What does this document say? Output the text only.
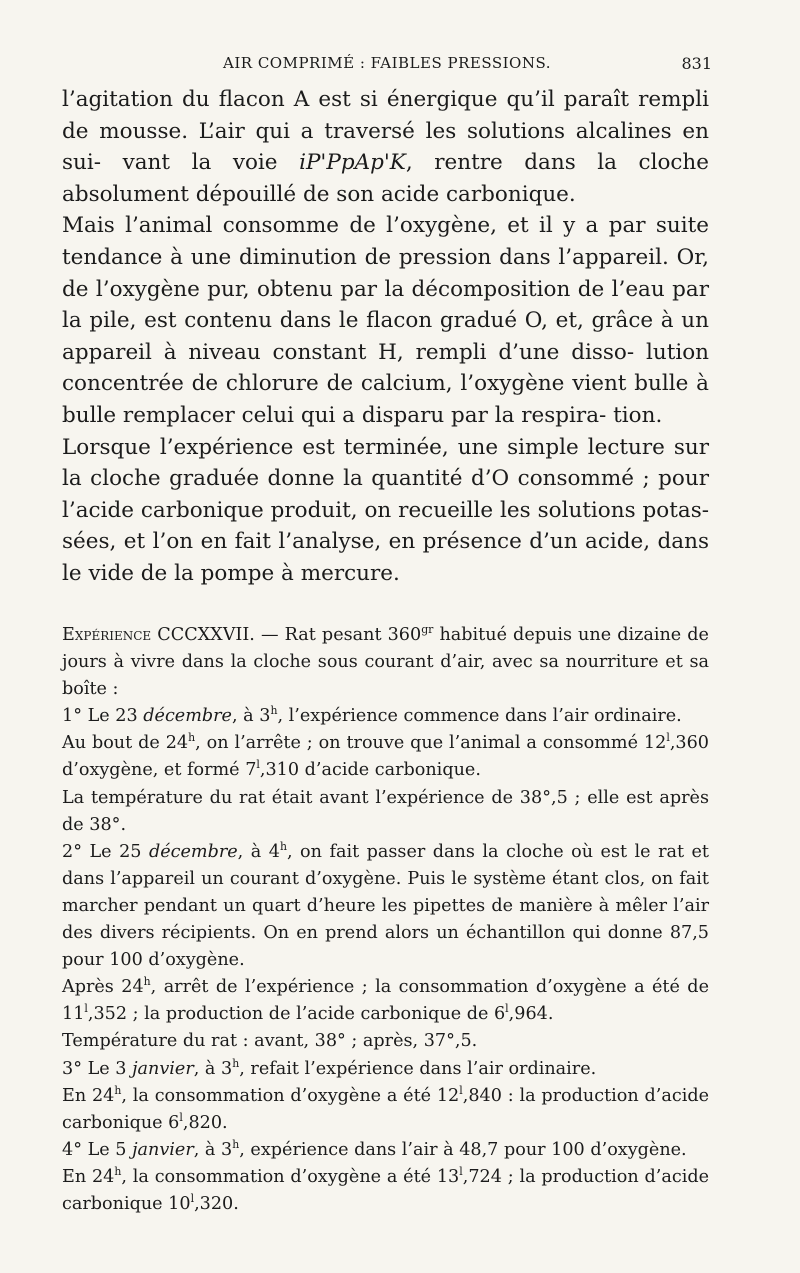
AIR COMPRIMÉ : FAIBLES PRESSIONS.	831

l’agitation du flacon A est si énergique qu’il paraît rempli de mousse. L’air qui a traversé les solutions alcalines en sui- vant la voie iP'PpAp'K, rentre dans la cloche absolument dépouillé de son acide carbonique.

Mais l’animal consomme de l’oxygène, et il y a par suite tendance à une diminution de pression dans l’appareil. Or, de l’oxygène pur, obtenu par la décomposition de l’eau par la pile, est contenu dans le flacon gradué O, et, grâce à un appareil à niveau constant H, rempli d’une disso- lution concentrée de chlorure de calcium, l’oxygène vient bulle à bulle remplacer celui qui a disparu par la respira- tion.

Lorsque l’expérience est terminée, une simple lecture sur la cloche graduée donne la quantité d’O consommé ; pour l’acide carbonique produit, on recueille les solutions potas- sées, et l’on en fait l’analyse, en présence d’un acide, dans le vide de la pompe à mercure.

Expérience CCCXXVII. — Rat pesant $360^{gr}$ habitué depuis une dizaine de jours à vivre dans la cloche sous courant d’air, avec sa nourriture et sa boîte :

1° Le 23 décembre, à 3$^h$, l’expérience commence dans l’air ordinaire.

Au bout de 24$^h$, on l’arrête ; on trouve que l’animal a consommé 12$^l$,360 d’oxygène, et formé 7$^l$,310 d’acide carbonique.

La température du rat était avant l’expérience de 38°,5 ; elle est après de 38°.

2° Le 25 décembre, à 4$^h$, on fait passer dans la cloche où est le rat et dans l’appareil un courant d’oxygène. Puis le système étant clos, on fait marcher pendant un quart d’heure les pipettes de manière à mêler l’air des divers récipients. On en prend alors un échantillon qui donne 87,5 pour 100 d’oxygène.

Après 24$^h$, arrêt de l’expérience ; la consommation d’oxygène a été de 11$^l$,352 ; la production de l’acide carbonique de 6$^l$,964.

Température du rat : avant, 38° ; après, 37°,5.

3° Le 3 janvier, à 3$^h$, refait l’expérience dans l’air ordinaire.

En 24$^h$, la consommation d’oxygène a été 12$^l$,840 : la production d’acide carbonique 6$^l$,820.

4° Le 5 janvier, à 3$^h$, expérience dans l’air à 48,7 pour 100 d’oxygène.

En 24$^h$, la consommation d’oxygène a été 13$^l$,724 ; la production d’acide carbonique 10$^l$,320.
